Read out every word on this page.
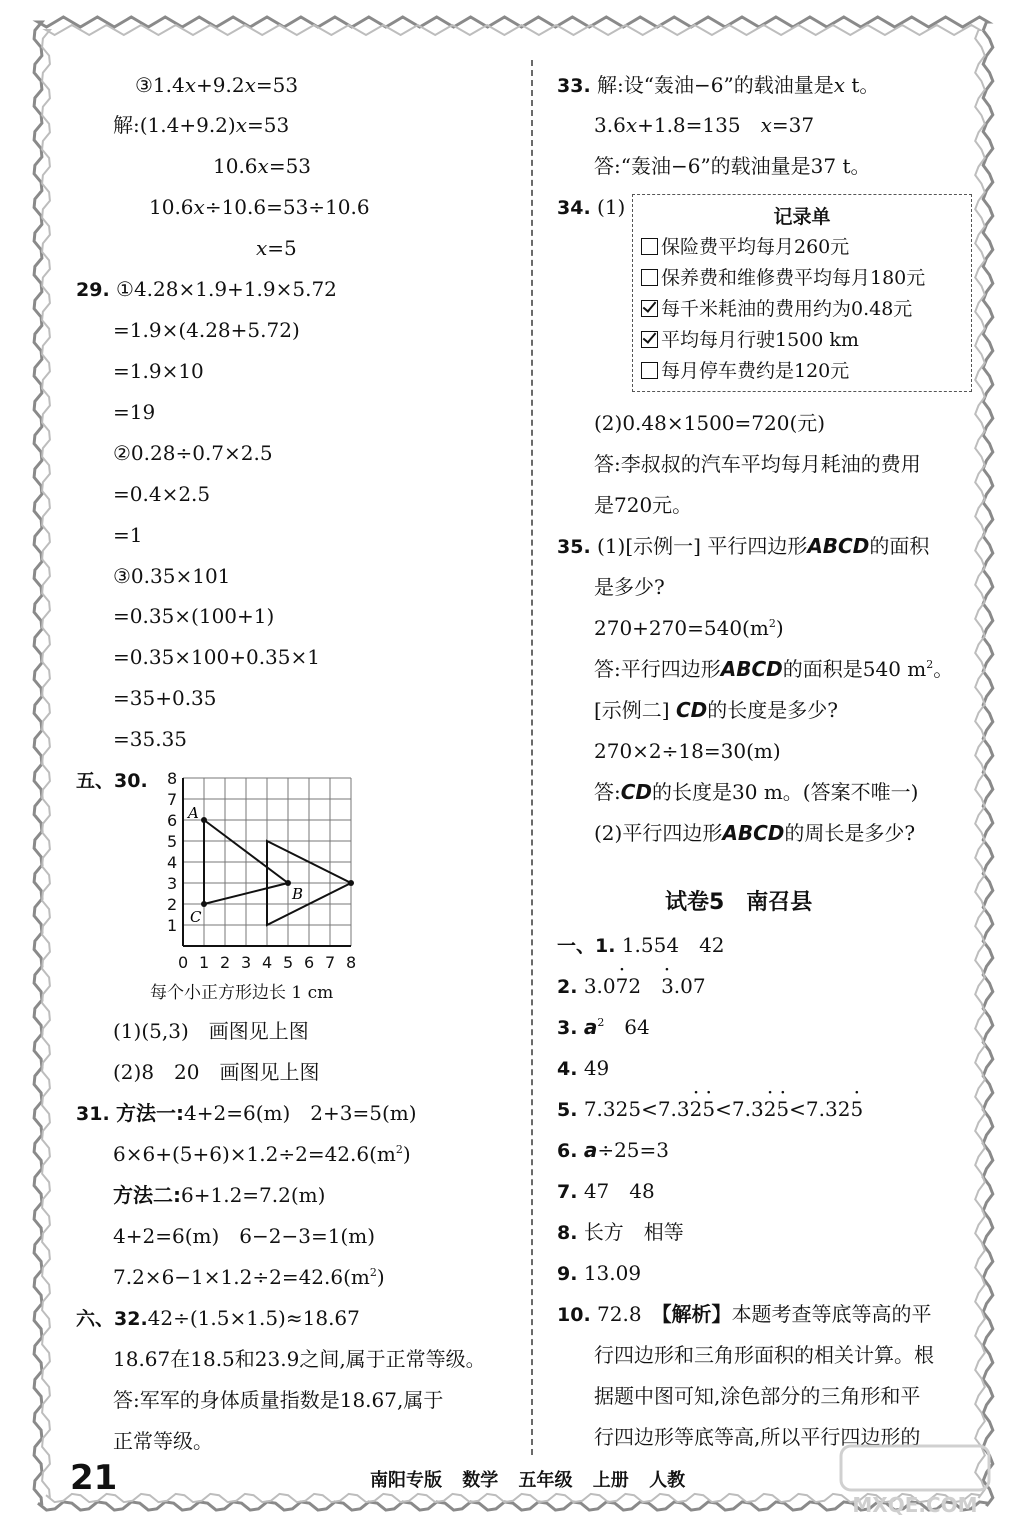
③1.4x+9.2x=53
解:(1.4+9.2)x=53
10.6x=53
10.6x÷10.6=53÷10.6
x=5
29. ①4.28×1.9+1.9×5.72
=1.9×(4.28+5.72)
=1.9×10
=19
②0.28÷0.7×2.5
=0.4×2.5
=1
③0.35×101
=0.35×(100+1)
=0.35×100+0.35×1
=35+0.35
=35.35
五、30.
0 1 2 3 4 5 6 7 8
8
7
6
5
4
3
2
1
A
B
C
每个小正方形边长 1 cm
(1)(5,3)　画图见上图
(2)8　20　画图见上图
31. 方法一:4+2=6(m)　2+3=5(m)
$6\times 6+(5+6)\times 1.2\div 2=42.6(m^2)$
方法二:6+1.2=7.2(m)
4+2=6(m)　6−2−3=1(m)
$7.2\times 6-1\times 1.2\div 2=42.6(m^2)$
六、32.42÷(1.5×1.5)≈18.67
18.67在18.5和23.9之间,属于正常等级。
答:军军的身体质量指数是18.67,属于
正常等级。
33. 解:设“轰油−6”的载油量是x t。
3.6x+1.8=135　x=37
答:“轰油−6”的载油量是37 t。
34. (1)	记录单
保险费平均每月260元
保养费和维修费平均每月180元
每千米耗油的费用约为0.48元
平均每月行驶1500 km
每月停车费约是120元
(2)0.48×1500=720(元)
答:李叔叔的汽车平均每月耗油的费用
是720元。
35. (1)[示例一] 平行四边形ABCD的面积
是多少?
$270+270=540(m^2)$
答:平行四边形ABCD的面积是540 $m^2$。
[示例二] CD的长度是多少?
270×2÷18=30(m)
答:CD的长度是30 m。(答案不唯一)
(2)平行四边形ABCD的周长是多少?
试卷5　南召县
一、1. 1.554　42
2. 3.0
·
7
·
2　3.07
3. $a^2$　64
4. 49
5. 7.325<7.3
·
2
·
5<7.3
·
2
·
5<7.32
·
5
6. a÷25=3
7. 47　48
8. 长方　相等
9. 13.09
10. 72.8　【解析】本题考查等底等高的平
行四边形和三角形面积的相关计算。根
据题中图可知,涂色部分的三角形和平
行四边形等底等高,所以平行四边形的
21	南阳专版 数学 五年级 上册 人教
MXQE.COM
